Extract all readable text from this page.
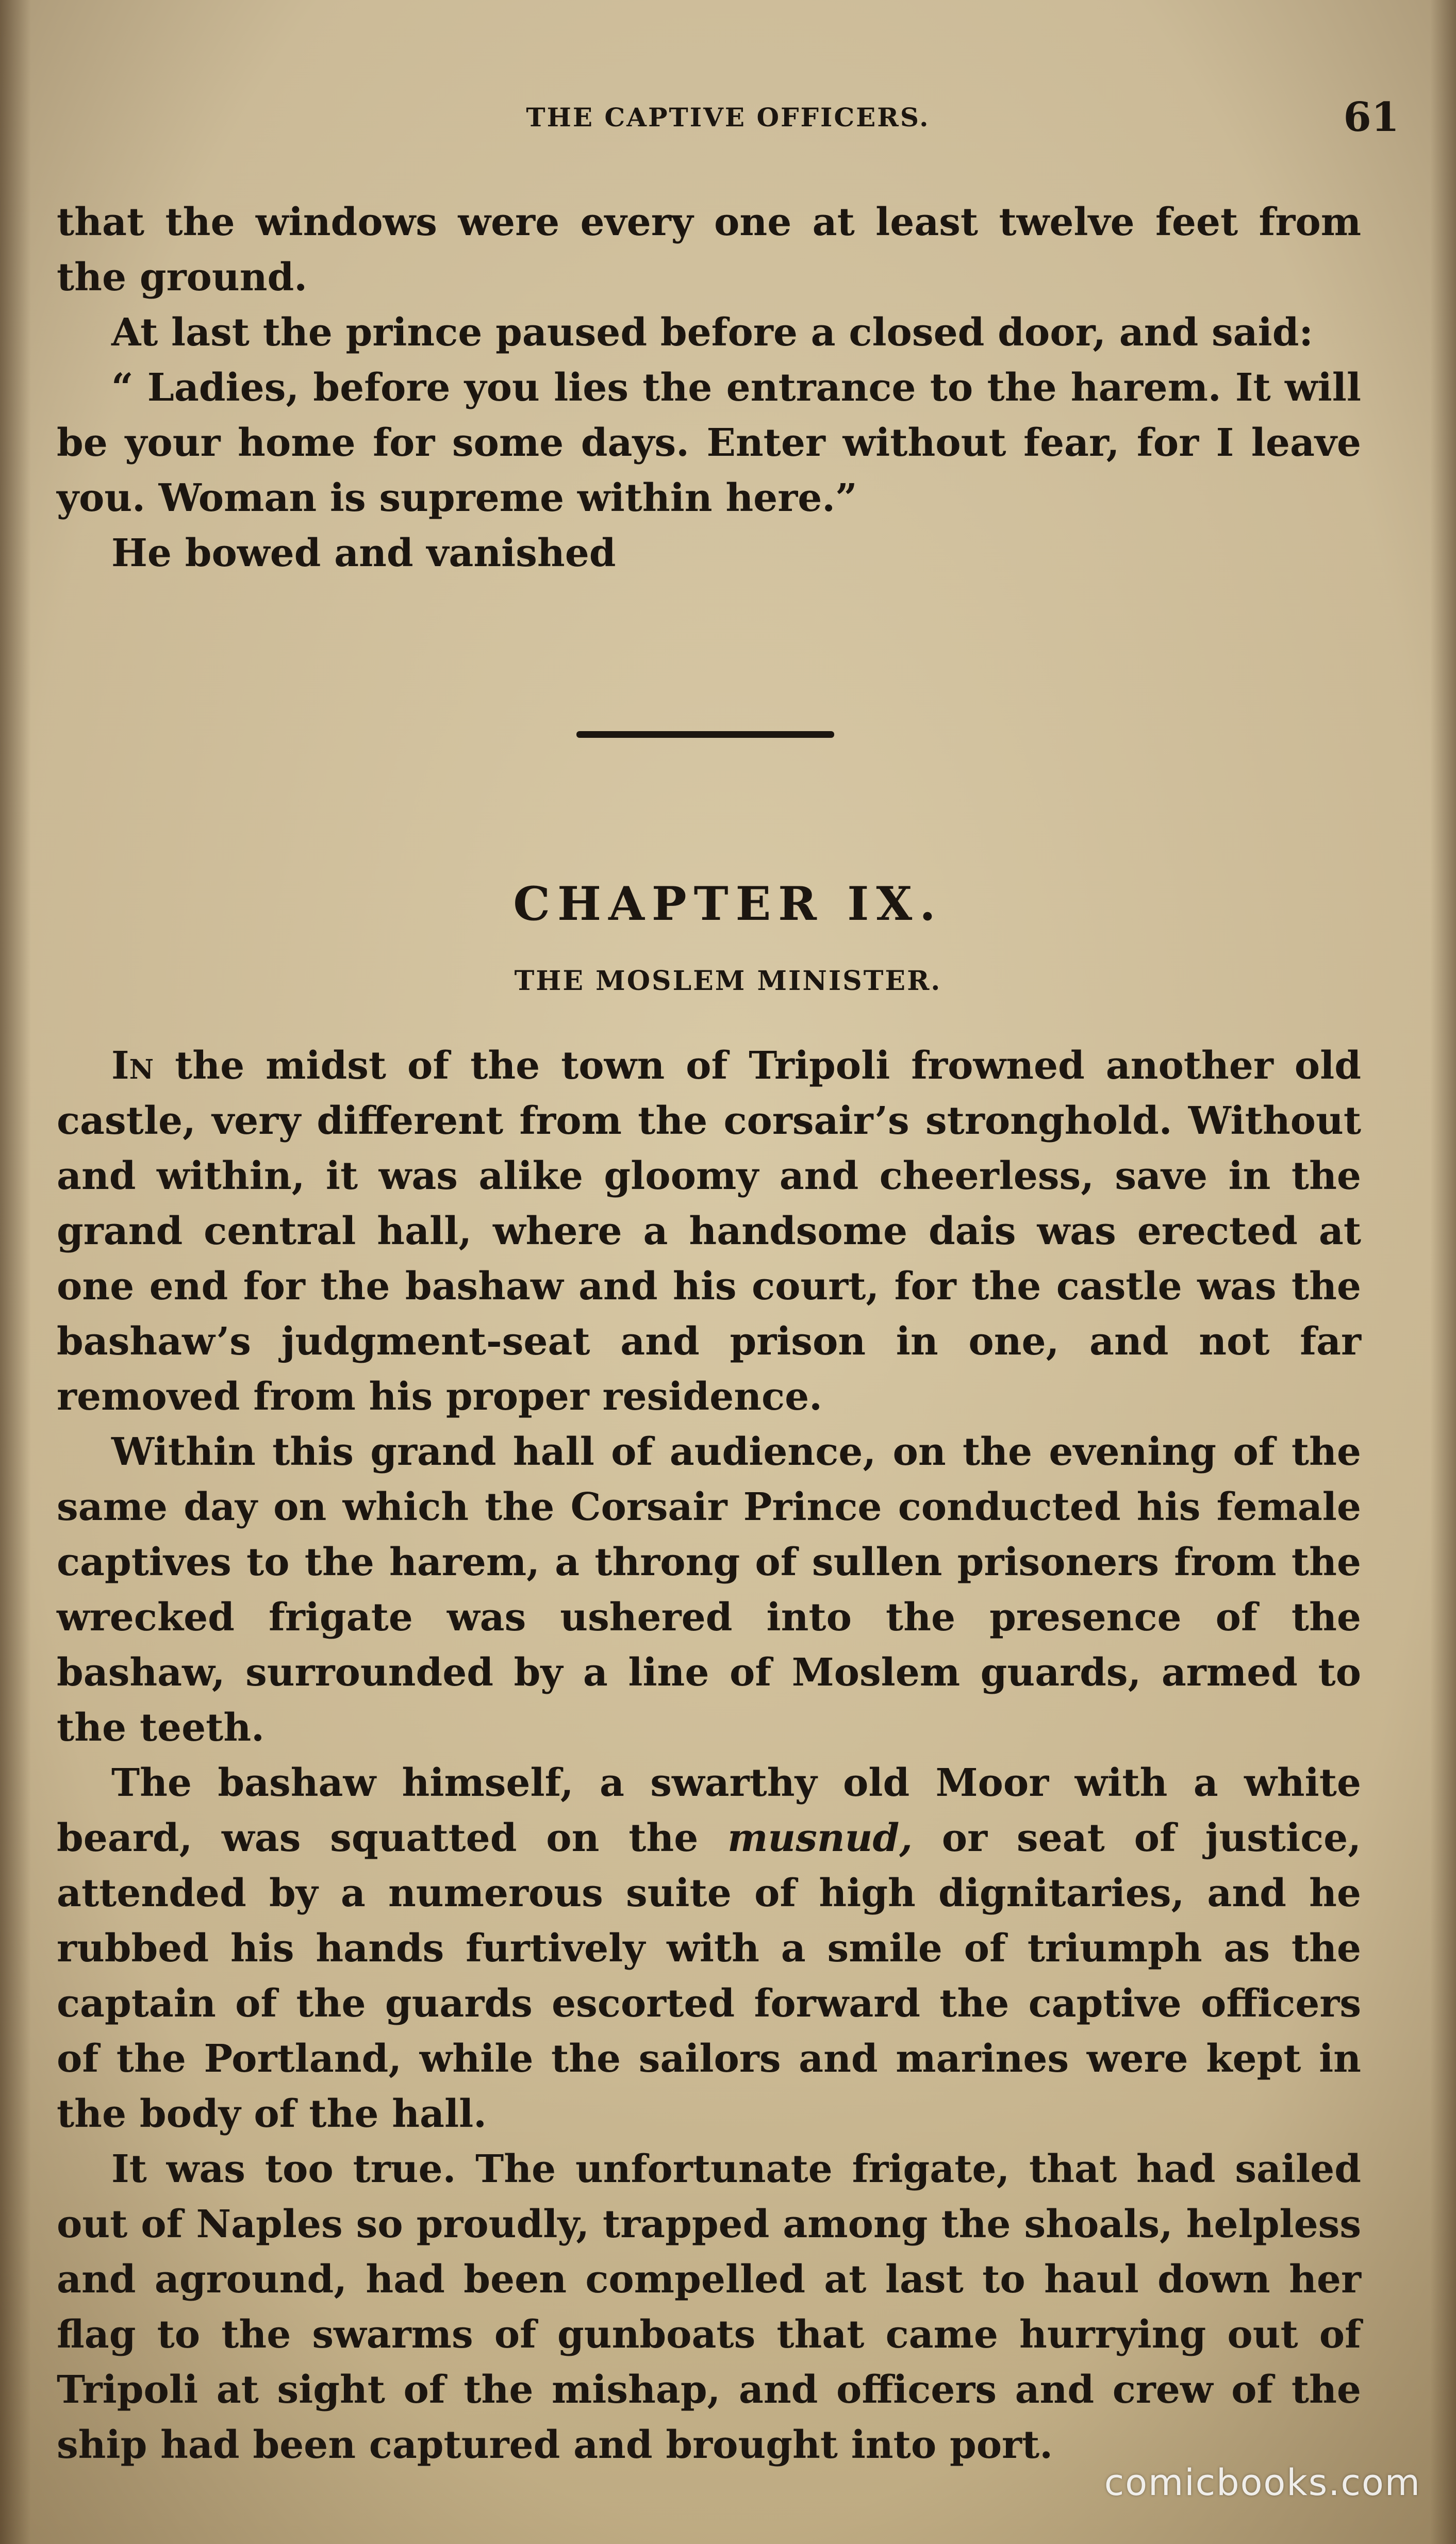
THE CAPTIVE OFFICERS.	61

that the windows were every one at least twelve feet from the ground.

At last the prince paused before a closed door, and said:

“ Ladies, before you lies the entrance to the harem. It will be your home for some days. Enter without fear, for I leave you. Woman is supreme within here.”

He bowed and vanished

CHAPTER IX.
THE MOSLEM MINISTER.

In the midst of the town of Tripoli frowned another old castle, very different from the corsair’s stronghold. Without and within, it was alike gloomy and cheerless, save in the grand central hall, where a handsome dais was erected at one end for the bashaw and his court, for the castle was the bashaw’s judgment-seat and prison in one, and not far removed from his proper residence.

Within this grand hall of audience, on the evening of the same day on which the Corsair Prince conducted his female captives to the harem, a throng of sullen prisoners from the wrecked frigate was ushered into the presence of the bashaw, surrounded by a line of Moslem guards, armed to the teeth.

The bashaw himself, a swarthy old Moor with a white beard, was squatted on the musnud, or seat of justice, attended by a numerous suite of high dignitaries, and he rubbed his hands furtively with a smile of triumph as the captain of the guards escorted forward the captive officers of the Portland, while the sailors and marines were kept in the body of the hall.

It was too true. The unfortunate frigate, that had sailed out of Naples so proudly, trapped among the shoals, helpless and aground, had been compelled at last to haul down her flag to the swarms of gunboats that came hurrying out of Tripoli at sight of the mishap, and officers and crew of the ship had been captured and brought into port.

comicbooks.com
